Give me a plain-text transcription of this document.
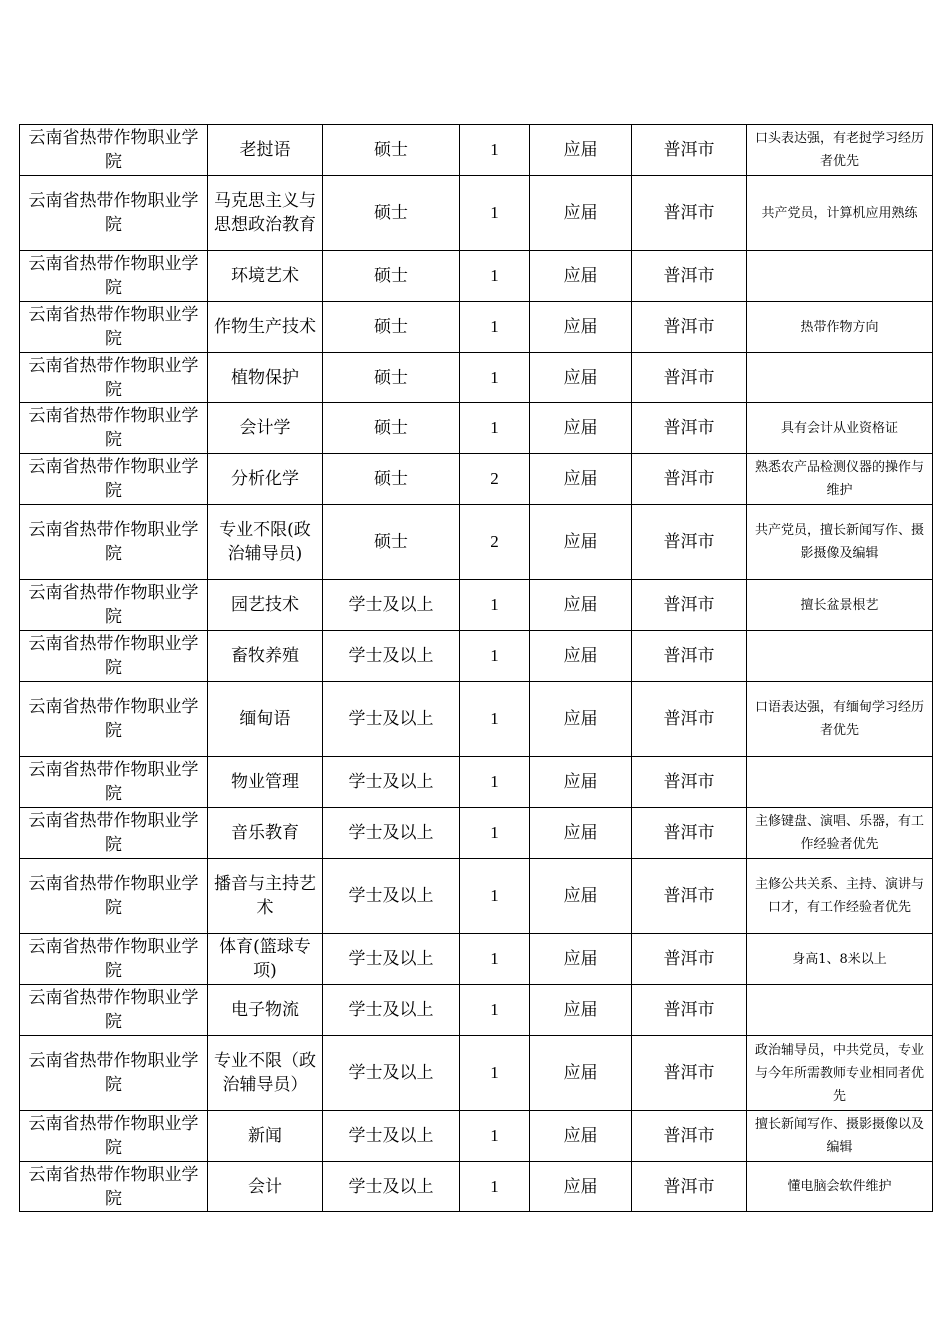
云南省热带作物职业学院	老挝语	硕士	1	应届	普洱市	口头表达强，有老挝学习经历者优先
云南省热带作物职业学院	马克思主义与思想政治教育	硕士	1	应届	普洱市	共产党员，计算机应用熟练
云南省热带作物职业学院	环境艺术	硕士	1	应届	普洱市	
云南省热带作物职业学院	作物生产技术	硕士	1	应届	普洱市	热带作物方向
云南省热带作物职业学院	植物保护	硕士	1	应届	普洱市	
云南省热带作物职业学院	会计学	硕士	1	应届	普洱市	具有会计从业资格证
云南省热带作物职业学院	分析化学	硕士	2	应届	普洱市	熟悉农产品检测仪器的操作与维护
云南省热带作物职业学院	专业不限(政治辅导员)	硕士	2	应届	普洱市	共产党员，擅长新闻写作、摄影摄像及编辑
云南省热带作物职业学院	园艺技术	学士及以上	1	应届	普洱市	擅长盆景根艺
云南省热带作物职业学院	畜牧养殖	学士及以上	1	应届	普洱市	
云南省热带作物职业学院	缅甸语	学士及以上	1	应届	普洱市	口语表达强，有缅甸学习经历者优先
云南省热带作物职业学院	物业管理	学士及以上	1	应届	普洱市	
云南省热带作物职业学院	音乐教育	学士及以上	1	应届	普洱市	主修键盘、演唱、乐器，有工作经验者优先
云南省热带作物职业学院	播音与主持艺术	学士及以上	1	应届	普洱市	主修公共关系、主持、演讲与口才，有工作经验者优先
云南省热带作物职业学院	体育(篮球专项)	学士及以上	1	应届	普洱市	身高1、8米以上
云南省热带作物职业学院	电子物流	学士及以上	1	应届	普洱市	
云南省热带作物职业学院	专业不限（政治辅导员）	学士及以上	1	应届	普洱市	政治辅导员，中共党员，专业与今年所需教师专业相同者优先
云南省热带作物职业学院	新闻	学士及以上	1	应届	普洱市	擅长新闻写作、摄影摄像以及编辑
云南省热带作物职业学院	会计	学士及以上	1	应届	普洱市	懂电脑会软件维护
